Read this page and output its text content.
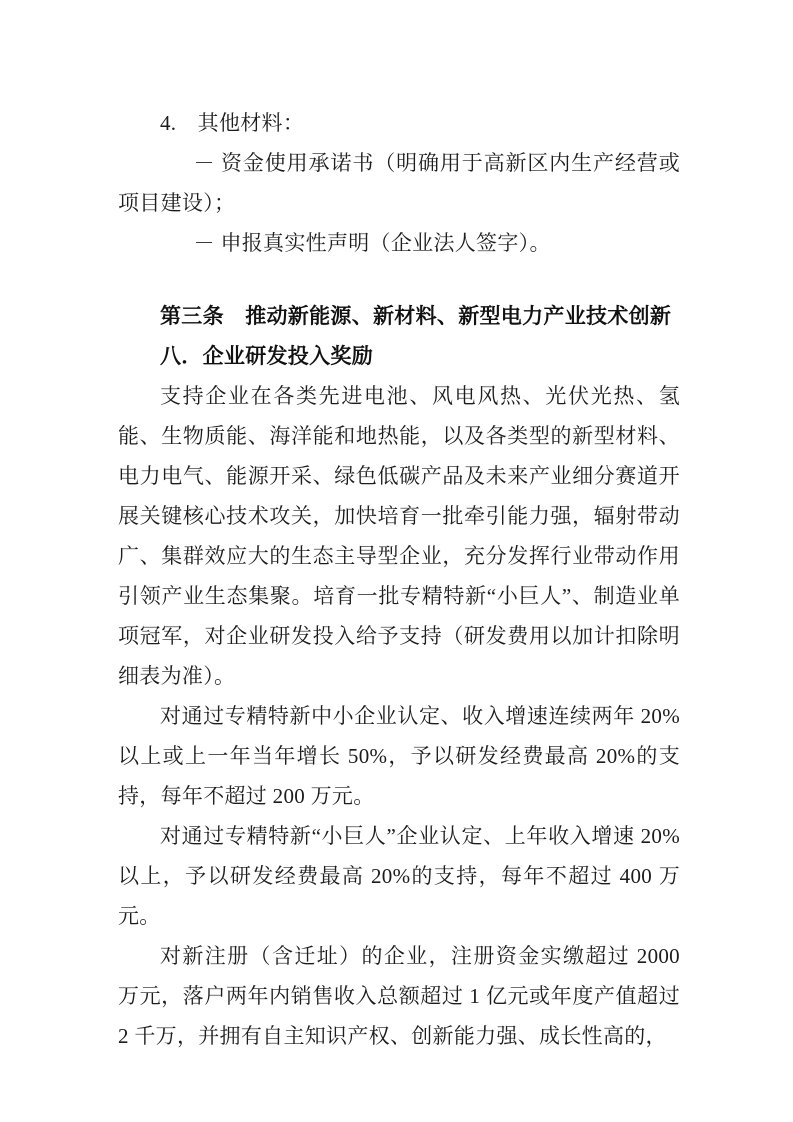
4.　其他材料：

－ 资金使用承诺书（明确用于高新区内生产经营或项目建设）；

－ 申报真实性声明（企业法人签字）。

第三条　推动新能源、新材料、新型电力产业技术创新

八．企业研发投入奖励

支持企业在各类先进电池、风电风热、光伏光热、氢能、生物质能、海洋能和地热能，以及各类型的新型材料、电力电气、能源开采、绿色低碳产品及未来产业细分赛道开展关键核心技术攻关，加快培育一批牵引能力强，辐射带动广、集群效应大的生态主导型企业，充分发挥行业带动作用引领产业生态集聚。培育一批专精特新“小巨人”、制造业单项冠军，对企业研发投入给予支持（研发费用以加计扣除明细表为准）。

对通过专精特新中小企业认定、收入增速连续两年 20%以上或上一年当年增长 50%，予以研发经费最高 20%的支持，每年不超过 200 万元。

对通过专精特新“小巨人”企业认定、上年收入增速 20%以上，予以研发经费最高 20%的支持，每年不超过 400 万元。

对新注册（含迁址）的企业，注册资金实缴超过 2000 万元，落户两年内销售收入总额超过 1 亿元或年度产值超过 2 千万，并拥有自主知识产权、创新能力强、成长性高的，
